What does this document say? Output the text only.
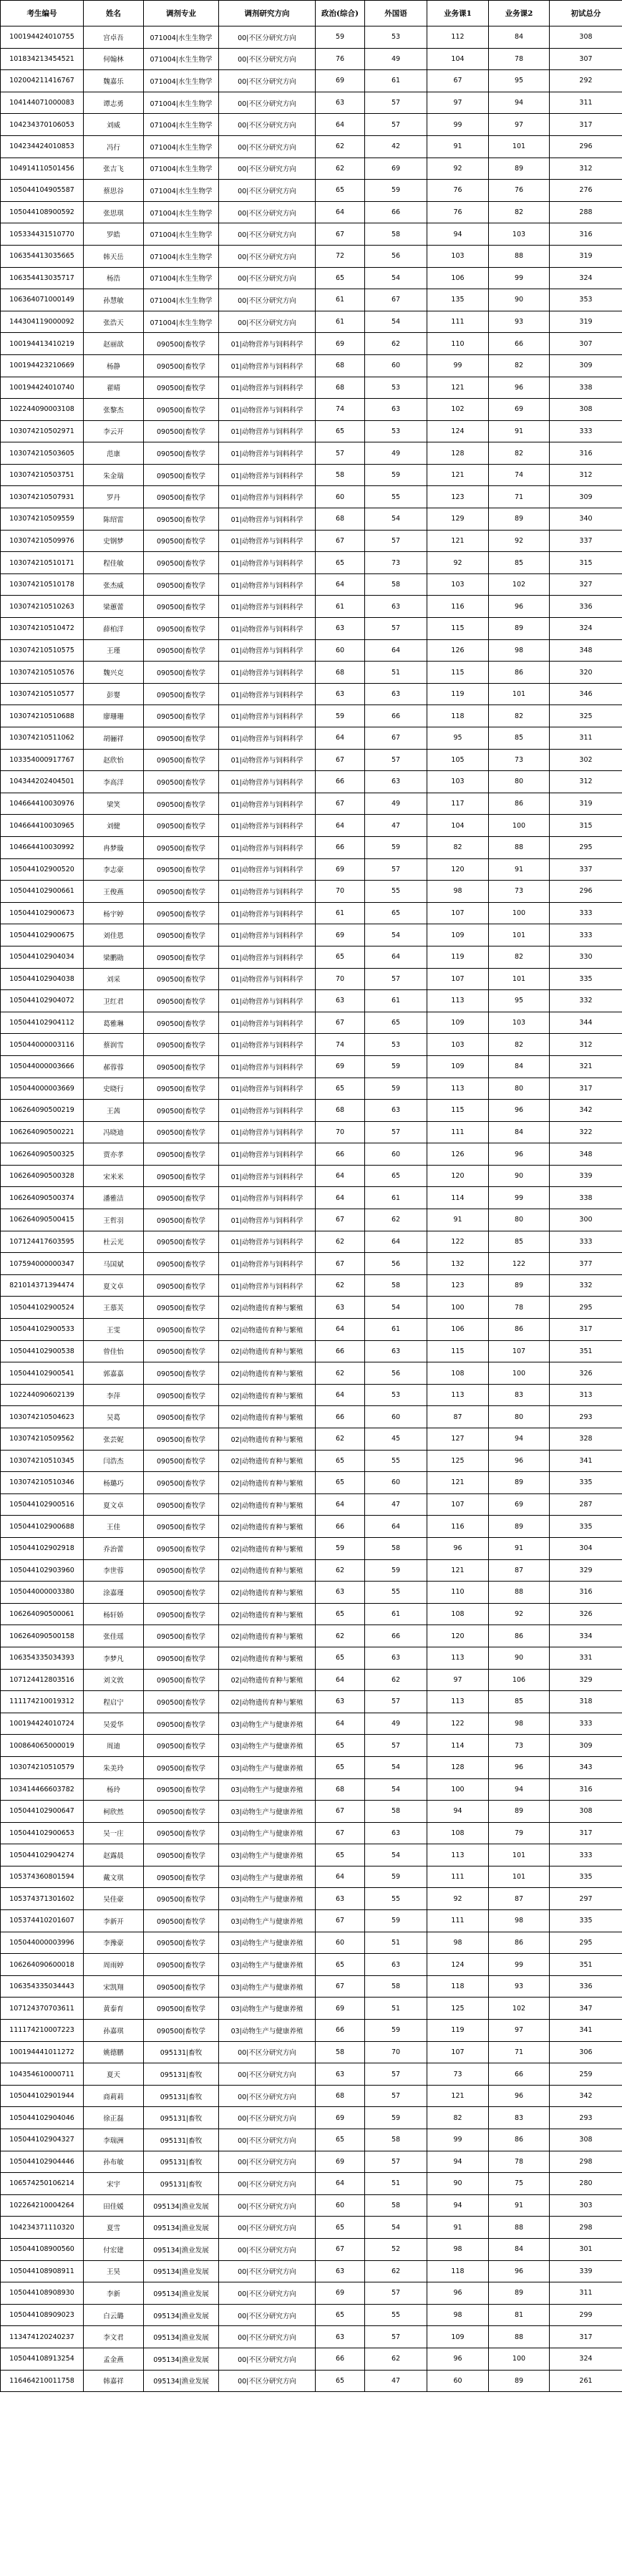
考生编号	姓名	调剂专业	调剂研究方向	政治(综合)	外国语	业务课1	业务课2	初试总分
100194424010755	宫卓吾	071004|水生生物学	00|不区分研究方向	59	53	112	84	308
101834213454521	何翰林	071004|水生生物学	00|不区分研究方向	76	49	104	78	307
102004211416767	魏嘉乐	071004|水生生物学	00|不区分研究方向	69	61	67	95	292
104144071000083	谭志勇	071004|水生生物学	00|不区分研究方向	63	57	97	94	311
104234370106053	刘威	071004|水生生物学	00|不区分研究方向	64	57	99	97	317
104234424010853	冯行	071004|水生生物学	00|不区分研究方向	62	42	91	101	296
104914110501456	张吉飞	071004|水生生物学	00|不区分研究方向	62	69	92	89	312
105044104905587	蔡思谷	071004|水生生物学	00|不区分研究方向	65	59	76	76	276
105044108900592	张思琪	071004|水生生物学	00|不区分研究方向	64	66	76	82	288
105334431510770	罗皓	071004|水生生物学	00|不区分研究方向	67	58	94	103	316
106354413035665	韩天岳	071004|水生生物学	00|不区分研究方向	72	56	103	88	319
106354413035717	杨浩	071004|水生生物学	00|不区分研究方向	65	54	106	99	324
106364071000149	孙慧敏	071004|水生生物学	00|不区分研究方向	61	67	135	90	353
144304119000092	张浩天	071004|水生生物学	00|不区分研究方向	61	54	111	93	319
100194413410219	赵丽歆	090500|畜牧学	01|动物营养与饲料科学	69	62	110	66	307
100194423210669	杨静	090500|畜牧学	01|动物营养与饲料科学	68	60	99	82	309
100194424010740	翟晴	090500|畜牧学	01|动物营养与饲料科学	68	53	121	96	338
102244090003108	张黎杰	090500|畜牧学	01|动物营养与饲料科学	74	63	102	69	308
103074210502971	李云开	090500|畜牧学	01|动物营养与饲料科学	65	53	124	91	333
103074210503605	范康	090500|畜牧学	01|动物营养与饲料科学	57	49	128	82	316
103074210503751	朱金瑞	090500|畜牧学	01|动物营养与饲料科学	58	59	121	74	312
103074210507931	罗丹	090500|畜牧学	01|动物营养与饲料科学	60	55	123	71	309
103074210509559	陈绍雷	090500|畜牧学	01|动物营养与饲料科学	68	54	129	89	340
103074210509976	史钢梦	090500|畜牧学	01|动物营养与饲料科学	67	57	121	92	337
103074210510171	程佳敏	090500|畜牧学	01|动物营养与饲料科学	65	73	92	85	315
103074210510178	张杰威	090500|畜牧学	01|动物营养与饲料科学	64	58	103	102	327
103074210510263	梁蕙蕾	090500|畜牧学	01|动物营养与饲料科学	61	63	116	96	336
103074210510472	薛柏洋	090500|畜牧学	01|动物营养与饲料科学	63	57	115	89	324
103074210510575	王瑾	090500|畜牧学	01|动物营养与饲料科学	60	64	126	98	348
103074210510576	魏兴克	090500|畜牧学	01|动物营养与饲料科学	68	51	115	86	320
103074210510577	彭婴	090500|畜牧学	01|动物营养与饲料科学	63	63	119	101	346
103074210510688	廖珊珊	090500|畜牧学	01|动物营养与饲料科学	59	66	118	82	325
103074210511062	胡骊祥	090500|畜牧学	01|动物营养与饲料科学	64	67	95	85	311
103354000917767	赵欣怡	090500|畜牧学	01|动物营养与饲料科学	67	57	105	73	302
104344202404501	李高洋	090500|畜牧学	01|动物营养与饲料科学	66	63	103	80	312
104664410030976	梁笑	090500|畜牧学	01|动物营养与饲料科学	67	49	117	86	319
104664410030965	刘健	090500|畜牧学	01|动物营养与饲料科学	64	47	104	100	315
104664410030992	冉梦璇	090500|畜牧学	01|动物营养与饲料科学	66	59	82	88	295
105044102900520	李志豪	090500|畜牧学	01|动物营养与饲料科学	69	57	120	91	337
105044102900661	王俊燕	090500|畜牧学	01|动物营养与饲料科学	70	55	98	73	296
105044102900673	杨宇婷	090500|畜牧学	01|动物营养与饲料科学	61	65	107	100	333
105044102900675	刘佳恩	090500|畜牧学	01|动物营养与饲料科学	69	54	109	101	333
105044102904034	梁鹏勋	090500|畜牧学	01|动物营养与饲料科学	65	64	119	82	330
105044102904038	刘采	090500|畜牧学	01|动物营养与饲料科学	70	57	107	101	335
105044102904072	卫红君	090500|畜牧学	01|动物营养与饲料科学	63	61	113	95	332
105044102904112	葛雅琳	090500|畜牧学	01|动物营养与饲料科学	67	65	109	103	344
105044000003116	蔡润雪	090500|畜牧学	01|动物营养与饲料科学	74	53	103	82	312
105044000003666	郝蓉蓉	090500|畜牧学	01|动物营养与饲料科学	69	59	109	84	321
105044000003669	史晓行	090500|畜牧学	01|动物营养与饲料科学	65	59	113	80	317
106264090500219	王茜	090500|畜牧学	01|动物营养与饲料科学	68	63	115	96	342
106264090500221	冯晓迪	090500|畜牧学	01|动物营养与饲料科学	70	57	111	84	322
106264090500325	贾亦孝	090500|畜牧学	01|动物营养与饲料科学	66	60	126	96	348
106264090500328	宋米米	090500|畜牧学	01|动物营养与饲料科学	64	65	120	90	339
106264090500374	潘雅洁	090500|畜牧学	01|动物营养与饲料科学	64	61	114	99	338
106264090500415	王哲羽	090500|畜牧学	01|动物营养与饲料科学	67	62	91	80	300
107124417603595	杜云光	090500|畜牧学	01|动物营养与饲料科学	62	64	122	85	333
107594000000347	马国斌	090500|畜牧学	01|动物营养与饲料科学	67	56	132	122	377
821014371394474	夏文卓	090500|畜牧学	01|动物营养与饲料科学	62	58	123	89	332
105044102900524	王慕芙	090500|畜牧学	02|动物遗传育种与繁殖	63	54	100	78	295
105044102900533	王雯	090500|畜牧学	02|动物遗传育种与繁殖	64	61	106	86	317
105044102900538	曾佳怡	090500|畜牧学	02|动物遗传育种与繁殖	66	63	115	107	351
105044102900541	郭嘉嘉	090500|畜牧学	02|动物遗传育种与繁殖	62	56	108	100	326
102244090602139	李萍	090500|畜牧学	02|动物遗传育种与繁殖	64	53	113	83	313
103074210504623	吴葛	090500|畜牧学	02|动物遗传育种与繁殖	66	60	87	80	293
103074210509562	张芸妮	090500|畜牧学	02|动物遗传育种与繁殖	62	45	127	94	328
103074210510345	闫浩杰	090500|畜牧学	02|动物遗传育种与繁殖	65	55	125	96	341
103074210510346	杨璐巧	090500|畜牧学	02|动物遗传育种与繁殖	65	60	121	89	335
105044102900516	夏文卓	090500|畜牧学	02|动物遗传育种与繁殖	64	47	107	69	287
105044102900688	王佳	090500|畜牧学	02|动物遗传育种与繁殖	66	64	116	89	335
105044102902918	乔治蕾	090500|畜牧学	02|动物遗传育种与繁殖	59	58	96	91	304
105044102903960	李世蓉	090500|畜牧学	02|动物遗传育种与繁殖	62	59	121	87	329
105044000003380	涂嘉瑾	090500|畜牧学	02|动物遗传育种与繁殖	63	55	110	88	316
106264090500061	杨轩娇	090500|畜牧学	02|动物遗传育种与繁殖	65	61	108	92	326
106264090500158	张佳瑶	090500|畜牧学	02|动物遗传育种与繁殖	62	66	120	86	334
106354335034393	李梦凡	090500|畜牧学	02|动物遗传育种与繁殖	65	63	113	90	331
107124412803516	刘文敦	090500|畜牧学	02|动物遗传育种与繁殖	64	62	97	106	329
111174210019312	程启宁	090500|畜牧学	02|动物遗传育种与繁殖	63	57	113	85	318
100194424010724	吴爱华	090500|畜牧学	03|动物生产与健康养殖	64	49	122	98	333
100864065000019	周迪	090500|畜牧学	03|动物生产与健康养殖	65	57	114	73	309
103074210510579	朱美玲	090500|畜牧学	03|动物生产与健康养殖	65	54	128	96	343
103414466603782	杨玲	090500|畜牧学	03|动物生产与健康养殖	68	54	100	94	316
105044102900647	柯欣然	090500|畜牧学	03|动物生产与健康养殖	67	58	94	89	308
105044102900653	吴一庄	090500|畜牧学	03|动物生产与健康养殖	67	63	108	79	317
105044102904274	赵露晨	090500|畜牧学	03|动物生产与健康养殖	65	54	113	101	333
105374360801594	戴文琪	090500|畜牧学	03|动物生产与健康养殖	64	59	111	101	335
105374371301602	吴佳豪	090500|畜牧学	03|动物生产与健康养殖	63	55	92	87	297
105374410201607	李新开	090500|畜牧学	03|动物生产与健康养殖	67	59	111	98	335
105044000003996	李豫豪	090500|畜牧学	03|动物生产与健康养殖	60	51	98	86	295
106264090600018	周雨婷	090500|畜牧学	03|动物生产与健康养殖	65	63	124	99	351
106354335034443	宋凯翔	090500|畜牧学	03|动物生产与健康养殖	67	58	118	93	336
107124370703611	黄泰育	090500|畜牧学	03|动物生产与健康养殖	69	51	125	102	347
111174210007223	孙嘉琪	090500|畜牧学	03|动物生产与健康养殖	66	59	119	97	341
100194441011272	姚德鹏	095131|畜牧	00|不区分研究方向	58	70	107	71	306
104354610000711	夏天	095131|畜牧	00|不区分研究方向	63	57	73	66	259
105044102901944	商莉莉	095131|畜牧	00|不区分研究方向	68	57	121	96	342
105044102904046	徐正磊	095131|畜牧	00|不区分研究方向	69	59	82	83	293
105044102904327	李瑞洲	095131|畜牧	00|不区分研究方向	65	58	99	86	308
105044102904446	孙布敏	095131|畜牧	00|不区分研究方向	69	57	94	78	298
106574250106214	宋宇	095131|畜牧	00|不区分研究方向	64	51	90	75	280
102264210004264	田佳媛	095134|渔业发展	00|不区分研究方向	60	58	94	91	303
104234371110320	夏雪	095134|渔业发展	00|不区分研究方向	65	54	91	88	298
105044108900560	付宏建	095134|渔业发展	00|不区分研究方向	67	52	98	84	301
105044108908911	王昊	095134|渔业发展	00|不区分研究方向	63	62	118	96	339
105044108908930	李新	095134|渔业发展	00|不区分研究方向	69	57	96	89	311
105044108909023	白云璐	095134|渔业发展	00|不区分研究方向	65	55	98	81	299
113474120240237	李文君	095134|渔业发展	00|不区分研究方向	63	57	109	88	317
105044108913254	孟金燕	095134|渔业发展	00|不区分研究方向	66	62	96	100	324
116464210011758	韩嘉祥	095134|渔业发展	00|不区分研究方向	65	47	60	89	261
